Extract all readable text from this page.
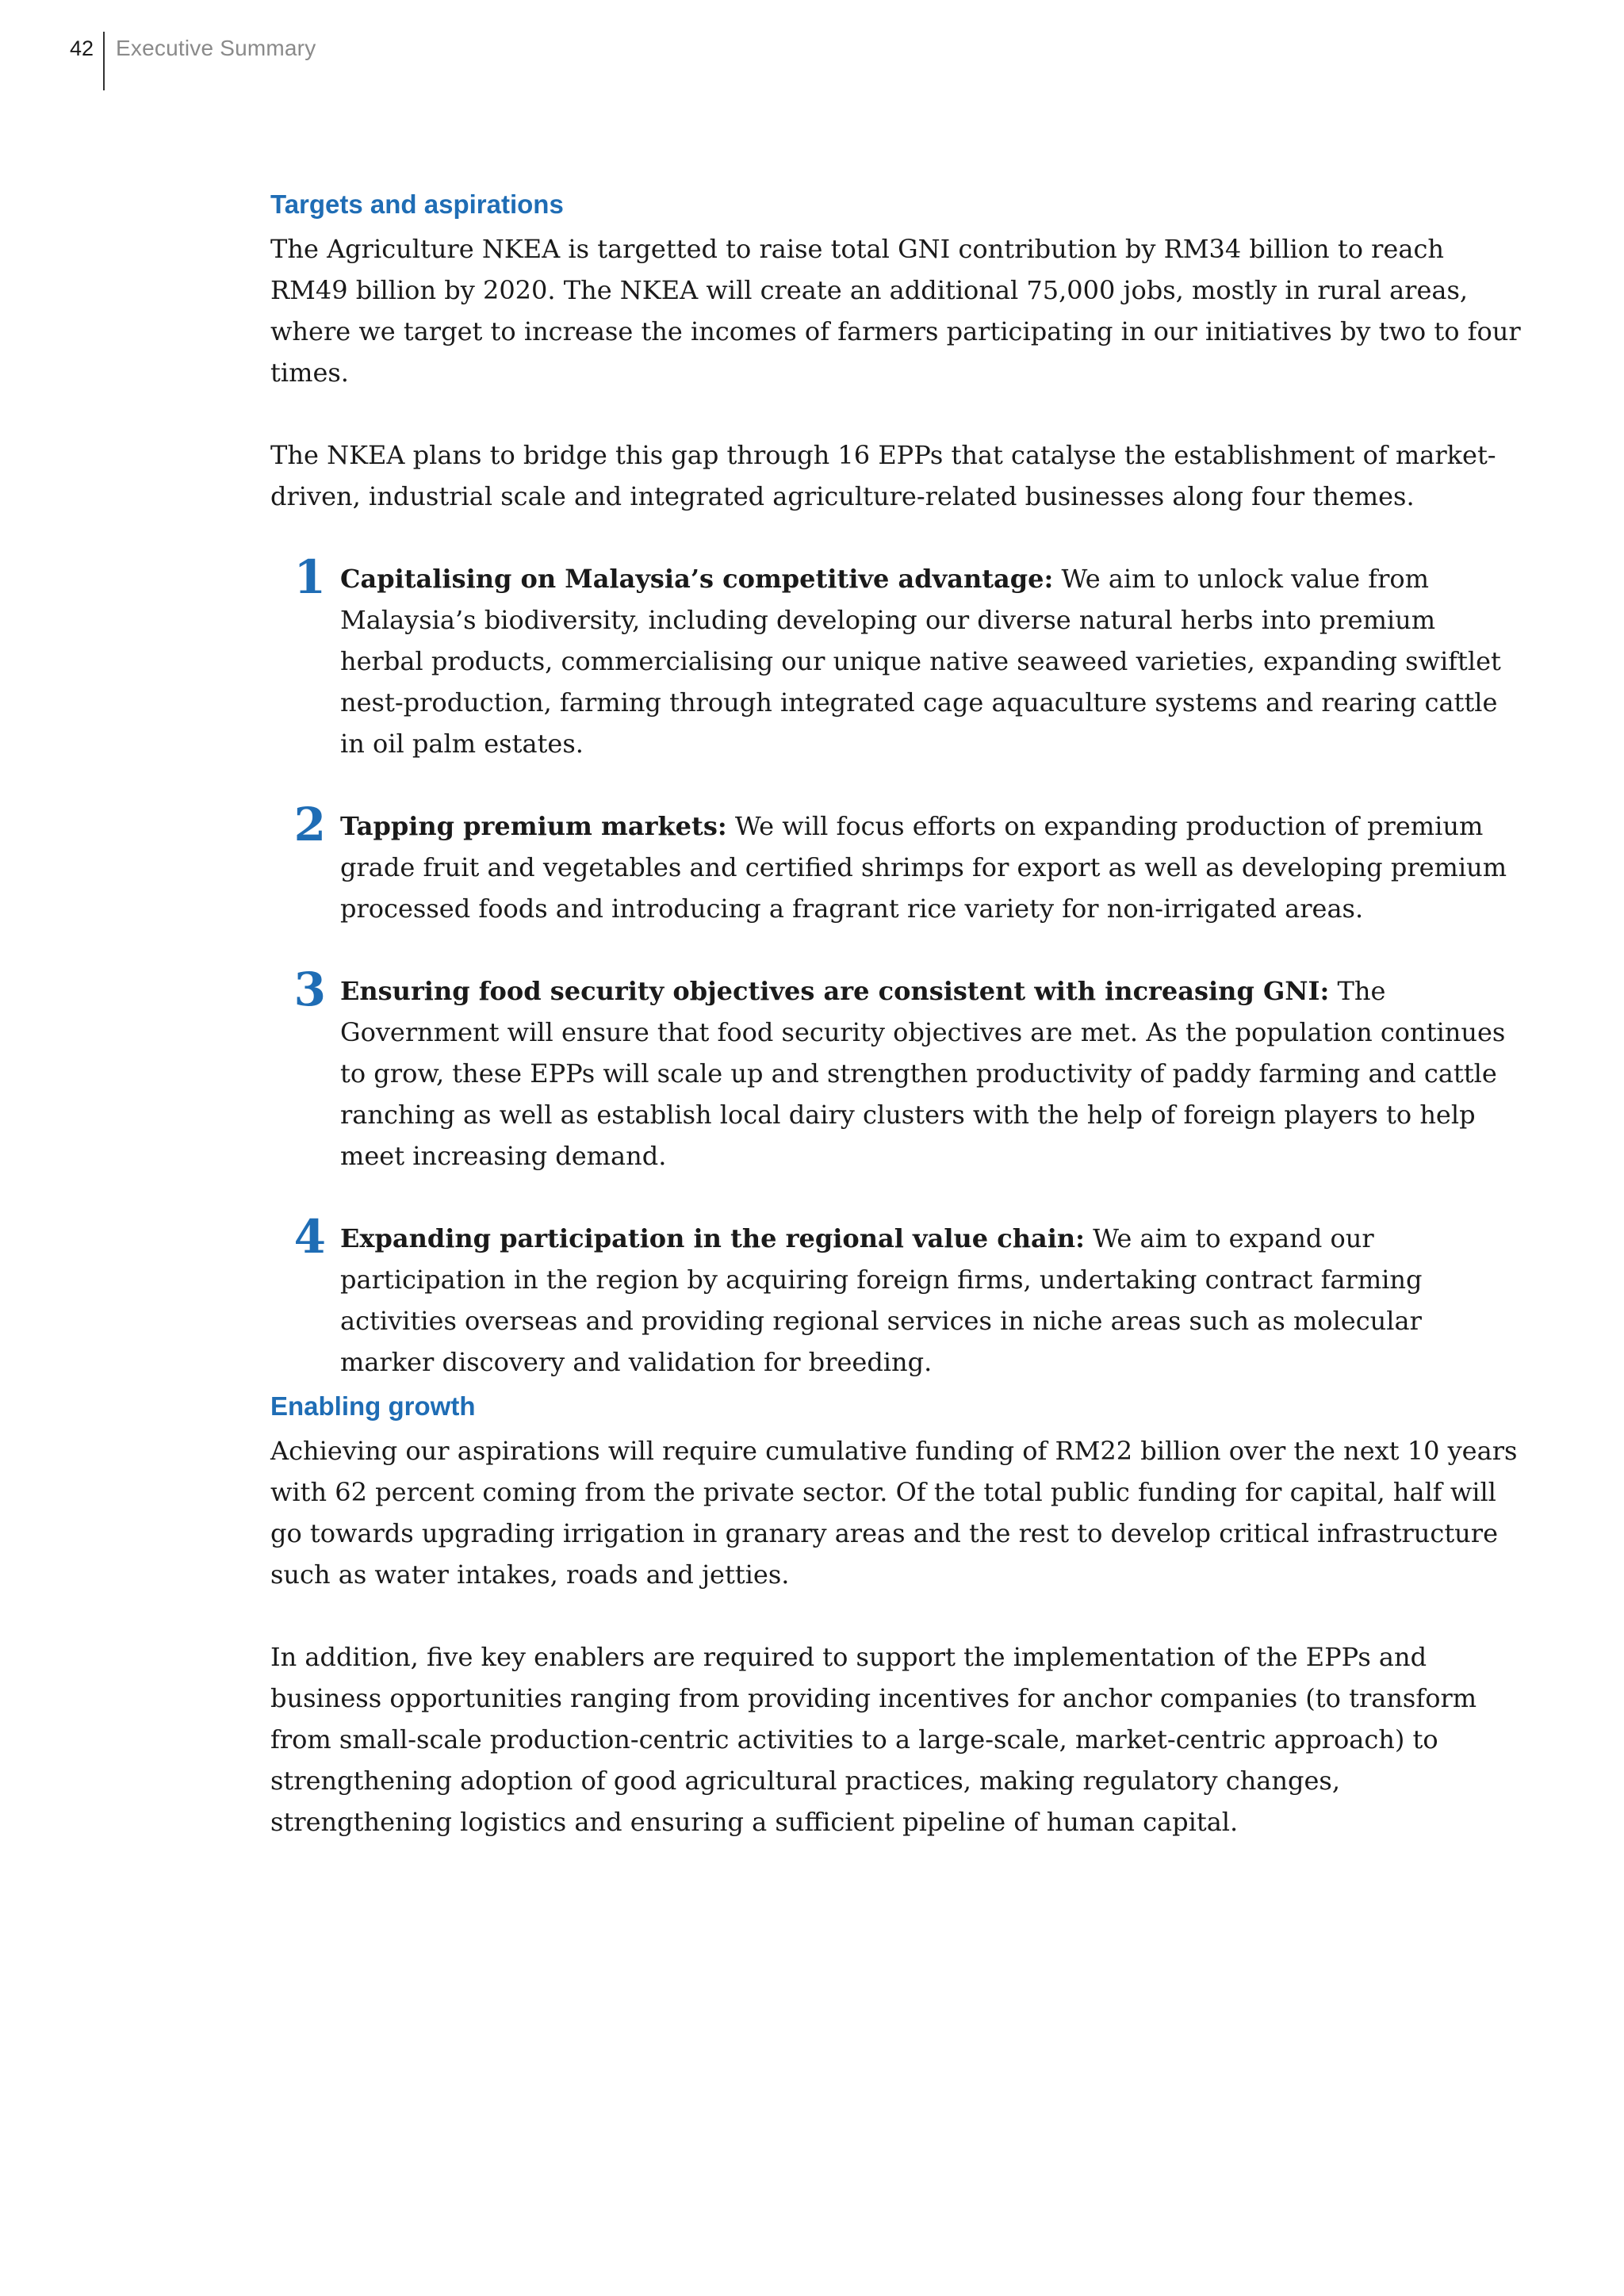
42	Executive Summary
Targets and aspirations

The Agriculture NKEA is targetted to raise total GNI contribution by RM34 billion to reach RM49 billion by 2020. The NKEA will create an additional 75,000 jobs, mostly in rural areas, where we target to increase the incomes of farmers participating in our initiatives by two to four times.

The NKEA plans to bridge this gap through 16 EPPs that catalyse the establishment of market-driven, industrial scale and integrated agriculture-related businesses along four themes.

1 Capitalising on Malaysia’s competitive advantage: We aim to unlock value from Malaysia’s biodiversity, including developing our diverse natural herbs into premium herbal products, commercialising our unique native seaweed varieties, expanding swiftlet nest-production, farming through integrated cage aquaculture systems and rearing cattle in oil palm estates.
2 Tapping premium markets: We will focus efforts on expanding production of premium grade fruit and vegetables and certified shrimps for export as well as developing premium processed foods and introducing a fragrant rice variety for non-irrigated areas.
3 Ensuring food security objectives are consistent with increasing GNI: The Government will ensure that food security objectives are met. As the population continues to grow, these EPPs will scale up and strengthen productivity of paddy farming and cattle ranching as well as establish local dairy clusters with the help of foreign players to help meet increasing demand.
4 Expanding participation in the regional value chain: We aim to expand our participation in the region by acquiring foreign firms, undertaking contract farming activities overseas and providing regional services in niche areas such as molecular marker discovery and validation for breeding.
Enabling growth

Achieving our aspirations will require cumulative funding of RM22 billion over the next 10 years with 62 percent coming from the private sector. Of the total public funding for capital, half will go towards upgrading irrigation in granary areas and the rest to develop critical infrastructure such as water intakes, roads and jetties.

In addition, five key enablers are required to support the implementation of the EPPs and business opportunities ranging from providing incentives for anchor companies (to transform from small-scale production-centric activities to a large-scale, market-centric approach) to strengthening adoption of good agricultural practices, making regulatory changes, strengthening logistics and ensuring a sufficient pipeline of human capital.
